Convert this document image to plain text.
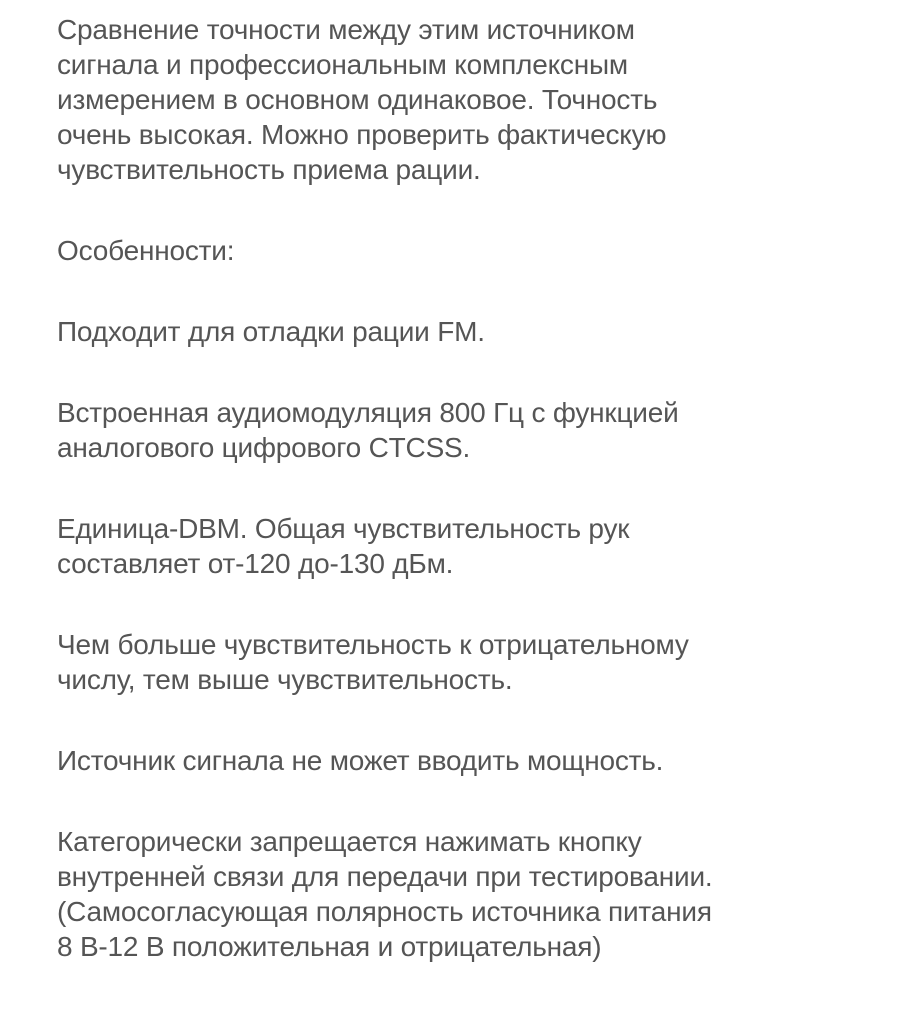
Сравнение точности между этим источником
сигнала и профессиональным комплексным
измерением в основном одинаковое. Точность
очень высокая. Можно проверить фактическую
чувствительность приема рации.

Особенности:

Подходит для отладки рации FM.

Встроенная аудиомодуляция 800 Гц с функцией
аналогового цифрового CTCSS.

Единица-DBM. Общая чувствительность рук
составляет от-120 до-130 дБм.

Чем больше чувствительность к отрицательному
числу, тем выше чувствительность.

Источник сигнала не может вводить мощность.

Категорически запрещается нажимать кнопку
внутренней связи для передачи при тестировании.
(Самосогласующая полярность источника питания
8 В-12 В положительная и отрицательная)
